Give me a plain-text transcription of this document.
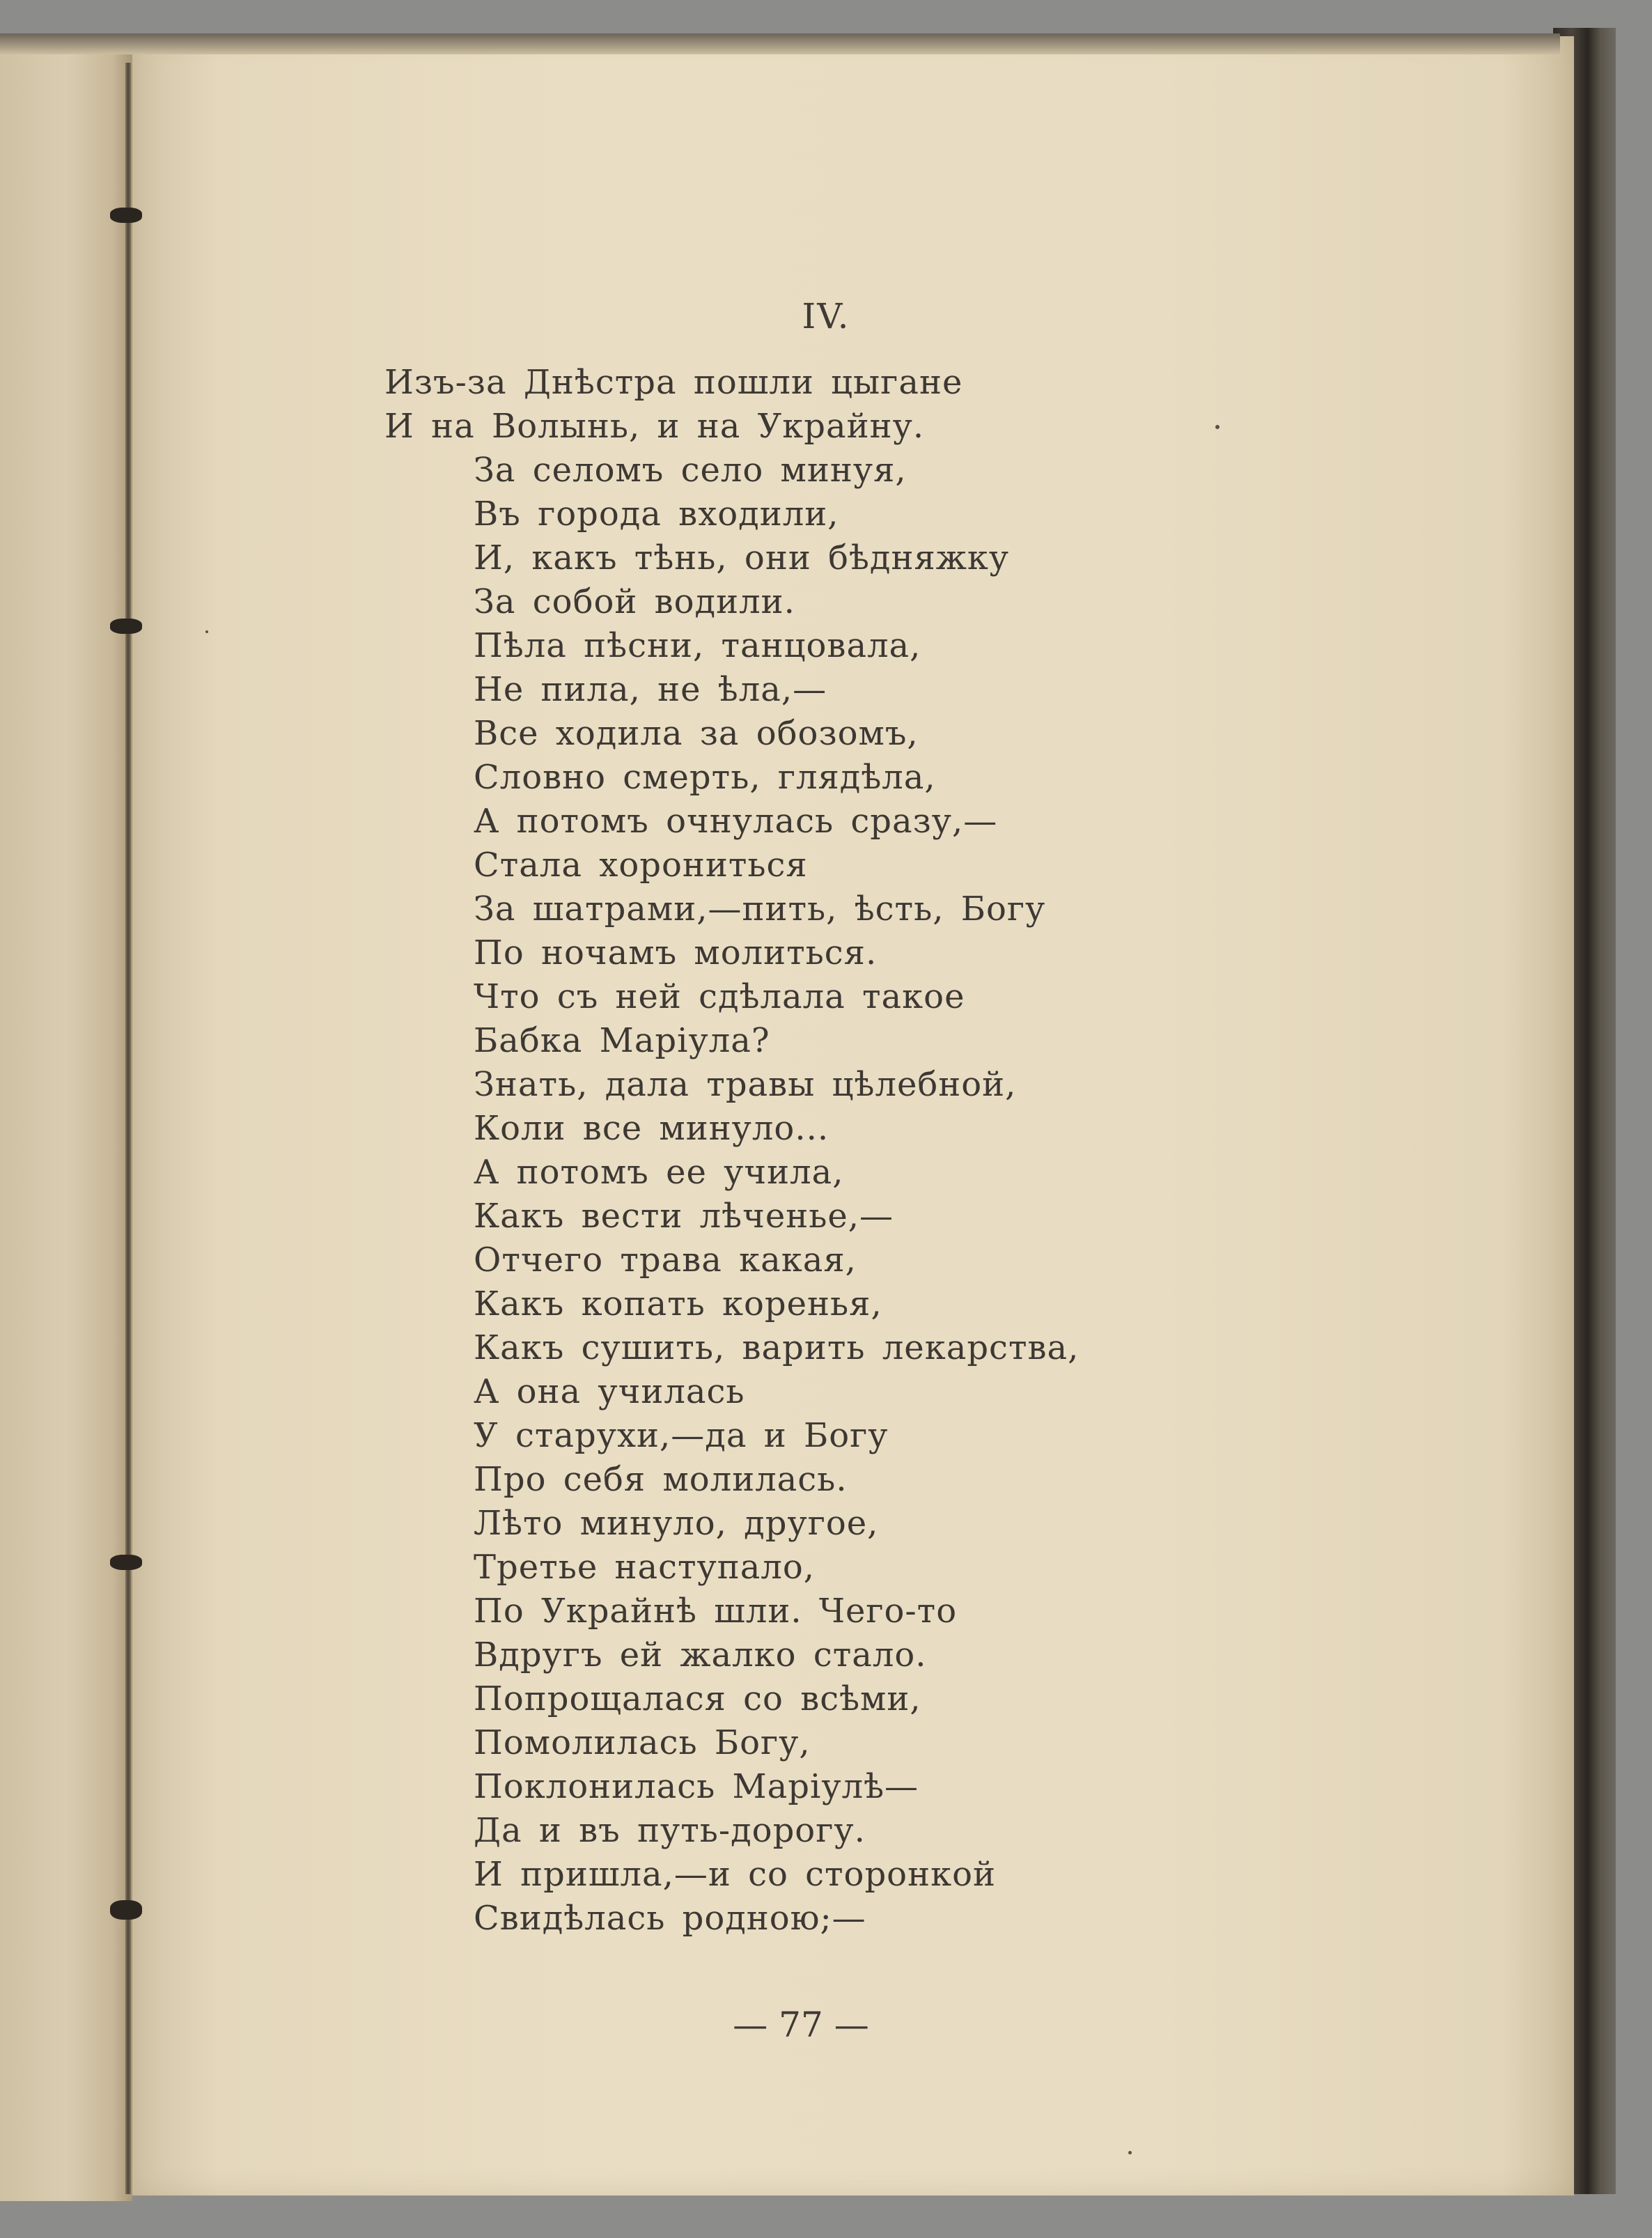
IV.
Изъ-за Днѣстра пошли цыгане
И на Волынь, и на Украйну.
За селомъ село минуя,
Въ города входили,
И, какъ тѣнь, они бѣдняжку
За собой водили.
Пѣла пѣсни, танцовала,
Не пила, не ѣла,—
Все ходила за обозомъ,
Словно смерть, глядѣла,
А потомъ очнулась сразу,—
Стала хорониться
За шатрами,—пить, ѣсть, Богу
По ночамъ молиться.
Что съ ней сдѣлала такое
Бабка Маріула?
Знать, дала травы цѣлебной,
Коли все минуло...
А потомъ ее учила,
Какъ вести лѣченье,—
Отчего трава какая,
Какъ копать коренья,
Какъ сушить, варить лекарства,
А она училась
У старухи,—да и Богу
Про себя молилась.
Лѣто минуло, другое,
Третье наступало,
По Украйнѣ шли. Чего-то
Вдругъ ей жалко стало.
Попрощалася со всѣми,
Помолилась Богу,
Поклонилась Маріулѣ—
Да и въ путь-дорогу.
И пришла,—и со сторонкой
Свидѣлась родною;—
— 77 —
